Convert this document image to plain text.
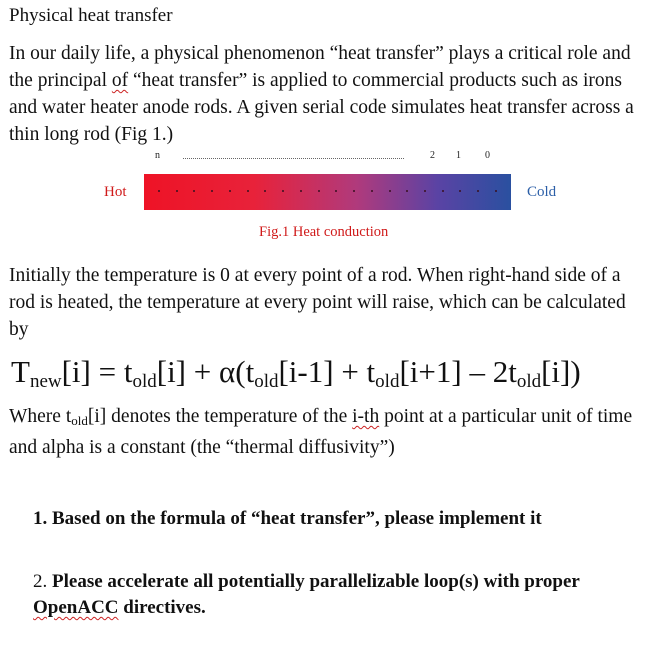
Physical heat transfer
In our daily life, a physical phenomenon “heat transfer” plays a critical role and the principal of “heat transfer” is applied to commercial products such as irons and water heater anode rods. A given serial code simulates heat transfer across a thin long rod (Fig 1.)
n	2 1 0
Hot	Cold
Fig.1 Heat conduction
Initially the temperature is 0 at every point of a rod. When right-hand side of a rod is heated, the temperature at every point will raise, which can be calculated by
$T_{new}[i] = t_{old}[i] + \alpha(t_{old}[i-1] + t_{old}[i+1] - 2t_{old}[i])$
Where $t_{old}[i]$ denotes the temperature of the i-th point at a particular unit of time and alpha is a constant (the “thermal diffusivity”)
1. Based on the formula of “heat transfer”, please implement it
2. Please accelerate all potentially parallelizable loop(s) with proper OpenACC directives.
